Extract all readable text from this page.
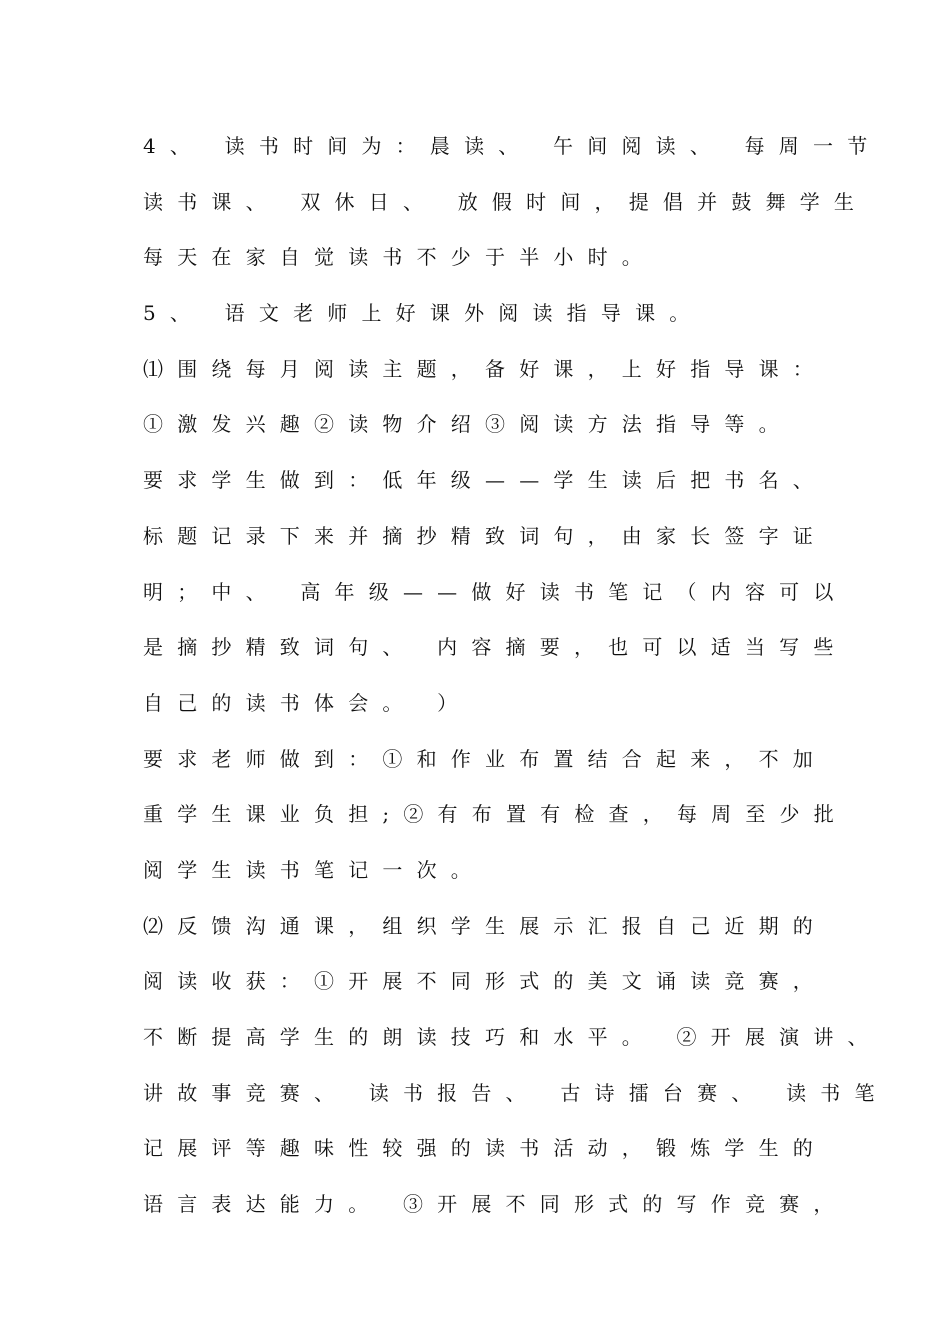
4、 读书时间为：晨读、 午间阅读、 每周一节
读书课、 双休日、 放假时间，提倡并鼓舞学生
每天在家自觉读书不少于半小时。
5、 语文老师上好课外阅读指导课。
⑴围绕每月阅读主题，备好课，上好指导课：
①激发兴趣②读物介绍③阅读方法指导等。
要求学生做到：低年级——学生读后把书名、
标题记录下来并摘抄精致词句，由家长签字证
明；中、 高年级——做好读书笔记（内容可以
是摘抄精致词句、 内容摘要，也可以适当写些
自己的读书体会。 ）
要求老师做到：①和作业布置结合起来，不加
重学生课业负担;②有布置有检查，每周至少批
阅学生读书笔记一次。
⑵反馈沟通课，组织学生展示汇报自己近期的
阅读收获：①开展不同形式的美文诵读竞赛，
不断提高学生的朗读技巧和水平。 ②开展演讲、
讲故事竞赛、 读书报告、 古诗擂台赛、 读书笔
记展评等趣味性较强的读书活动，锻炼学生的
语言表达能力。 ③开展不同形式的写作竞赛，
